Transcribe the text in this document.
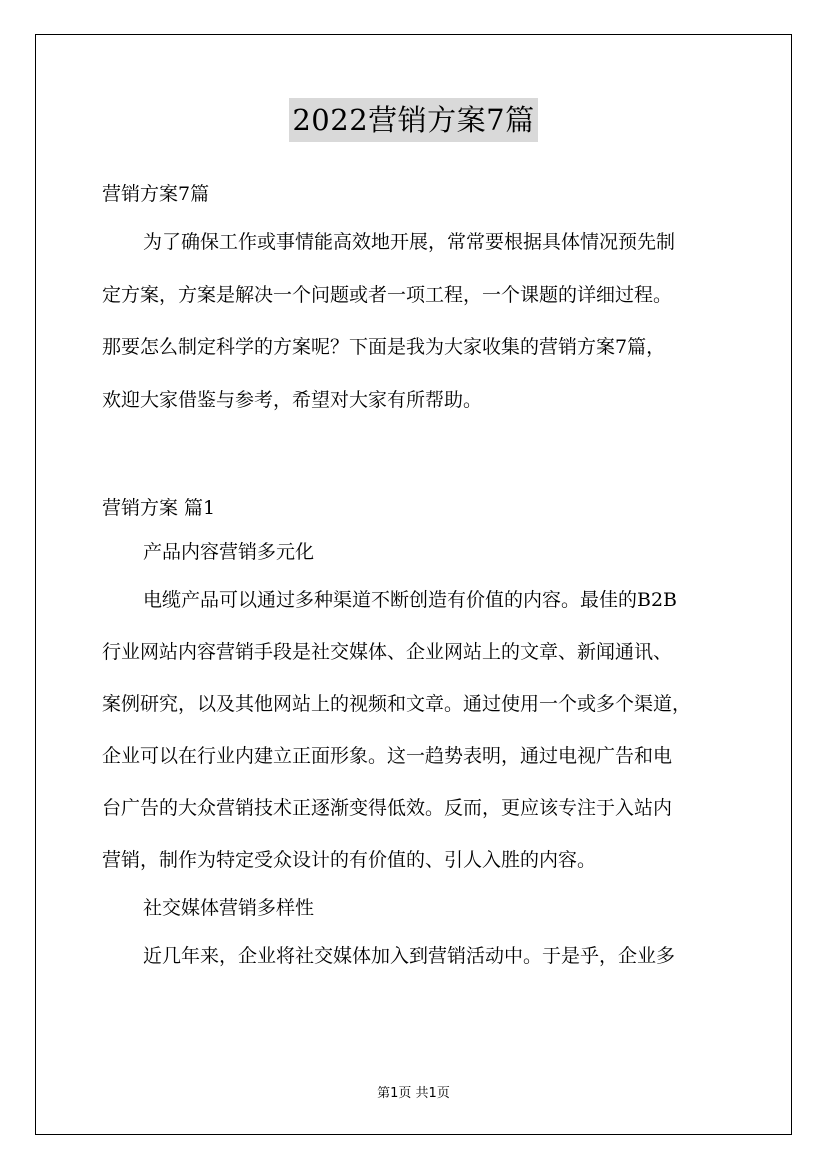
2022营销方案7篇
营销方案7篇
为了确保工作或事情能高效地开展，常常要根据具体情况预先制
定方案，方案是解决一个问题或者一项工程，一个课题的详细过程。
那要怎么制定科学的方案呢？下面是我为大家收集的营销方案7篇，
欢迎大家借鉴与参考，希望对大家有所帮助。
营销方案 篇1
产品内容营销多元化
电缆产品可以通过多种渠道不断创造有价值的内容。最佳的B2B
行业网站内容营销手段是社交媒体、企业网站上的文章、新闻通讯、
案例研究，以及其他网站上的视频和文章。通过使用一个或多个渠道，
企业可以在行业内建立正面形象。这一趋势表明，通过电视广告和电
台广告的大众营销技术正逐渐变得低效。反而，更应该专注于入站内
营销，制作为特定受众设计的有价值的、引人入胜的内容。
社交媒体营销多样性
近几年来，企业将社交媒体加入到营销活动中。于是乎，企业多
第1页 共1页
